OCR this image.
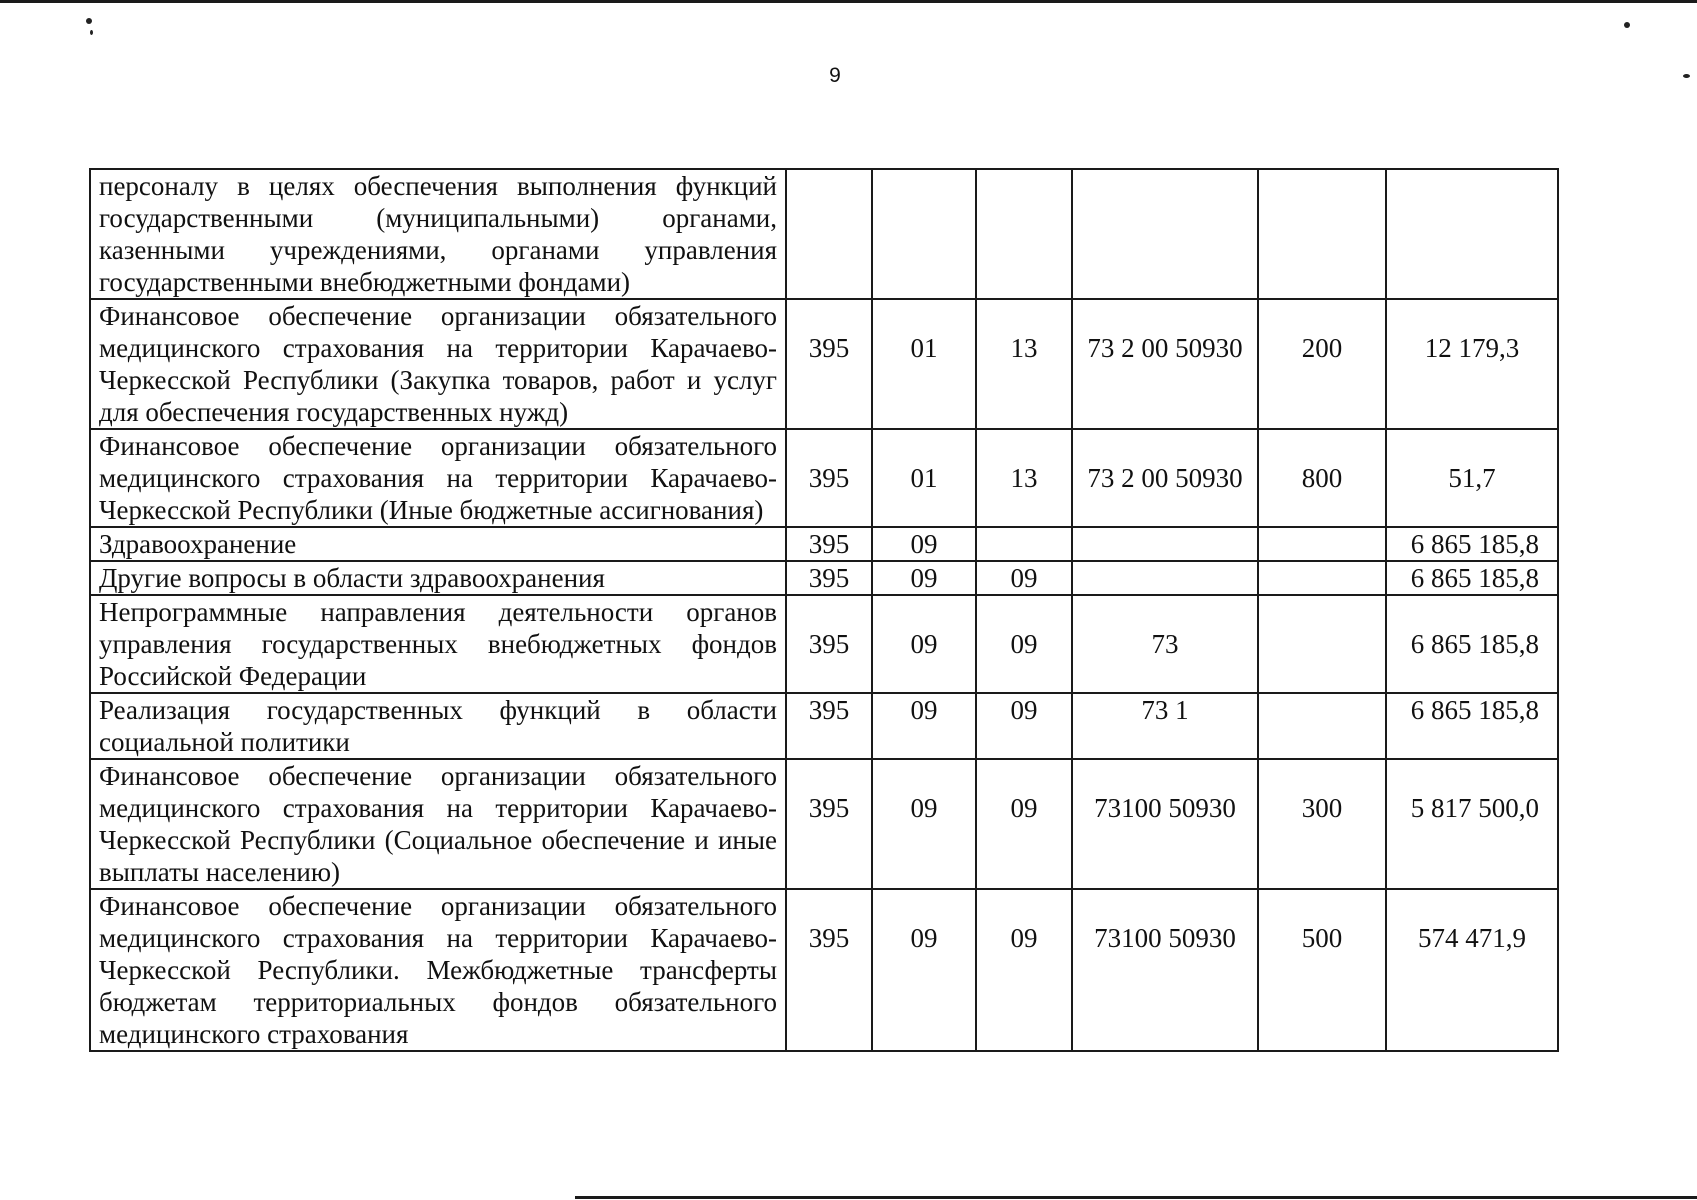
9
персоналу в целях обеспечения выполнения функций государственными (муниципальными) органами, казенными учреждениями, органами управления государственными внебюджетными фондами)						
Финансовое обеспечение организации обязательного медицинского страхования на территории Карачаево-Черкесской Республики (Закупка товаров, работ и услуг для обеспечения государственных нужд)	395	01	13	73 2 00 50930	200	12 179,3
Финансовое обеспечение организации обязательного медицинского страхования на территории Карачаево-Черкесской Республики (Иные бюджетные ассигнования)	395	01	13	73 2 00 50930	800	51,7
Здравоохранение	395	09				6 865 185,8
Другие вопросы в области здравоохранения	395	09	09			6 865 185,8
Непрограммные направления деятельности органов управления государственных внебюджетных фондов Российской Федерации	395	09	09	73		6 865 185,8
Реализация государственных функций в области социальной политики	395	09	09	73 1		6 865 185,8
Финансовое обеспечение организации обязательного медицинского страхования на территории Карачаево-Черкесской Республики (Социальное обеспечение и иные выплаты населению)	395	09	09	73100 50930	300	5 817 500,0
Финансовое обеспечение организации обязательного медицинского страхования на территории Карачаево-Черкесской Республики. Межбюджетные трансферты бюджетам территориальных фондов обязательного медицинского страхования	395	09	09	73100 50930	500	574 471,9
